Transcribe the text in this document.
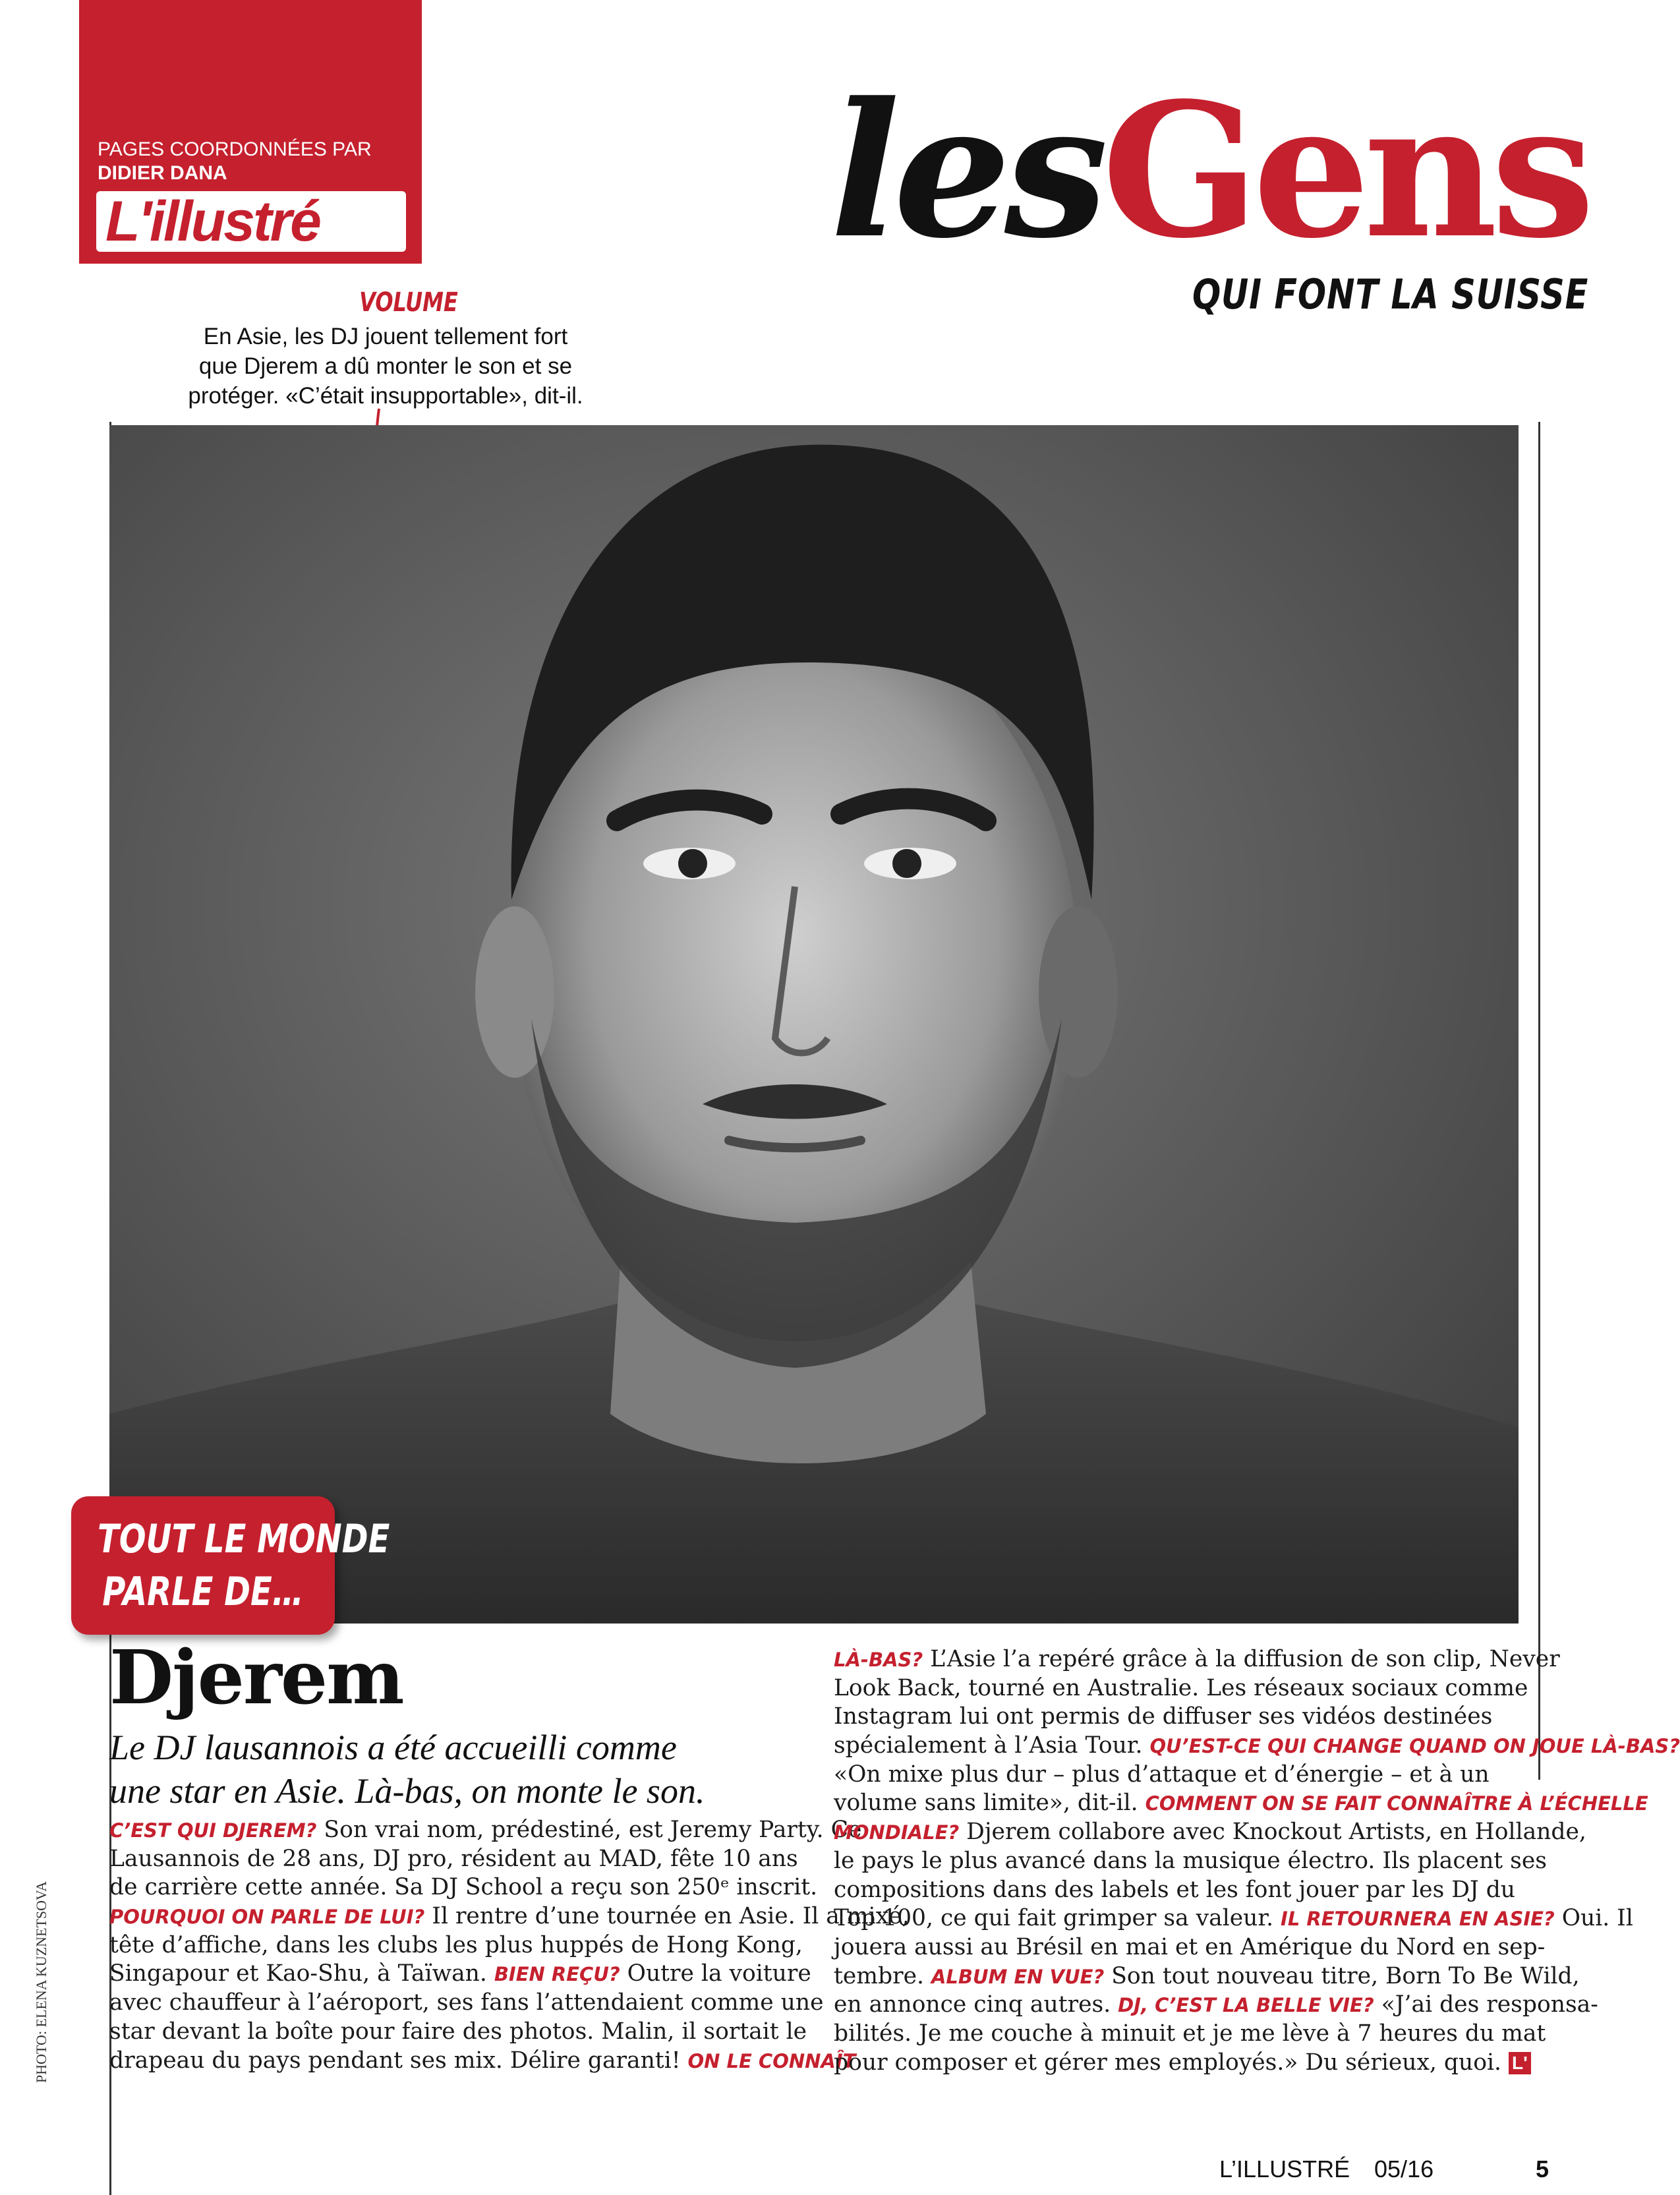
PAGES COORDONNÉES PAR
DIDIER DANA
L'illustré	lesGens
QUI FONT LA SUISSE
VOLUME
En Asie, les DJ jouent tellement fort
que Djerem a dû monter le son et se
protéger. «C’était insupportable», dit-il.
TOUT LE MONDE
PARLE DE…
Djerem
Le DJ lausannois a été accueilli comme
une star en Asie. Là-bas, on monte le son.
C’EST QUI DJEREM? Son vrai nom, prédestiné, est Jeremy Party. Ce
Lausannois de 28 ans, DJ pro, résident au MAD, fête 10 ans
de carrière cette année. Sa DJ School a reçu son 250ᵉ inscrit.
POURQUOI ON PARLE DE LUI? Il rentre d’une tournée en Asie. Il a mixé,
tête d’affiche, dans les clubs les plus huppés de Hong Kong,
Singapour et Kao-Shu, à Taïwan. BIEN REÇU? Outre la voiture
avec chauffeur à l’aéroport, ses fans l’attendaient comme une
star devant la boîte pour faire des photos. Malin, il sortait le
drapeau du pays pendant ses mix. Délire garanti! ON LE CONNAÎT
LÀ-BAS? L’Asie l’a repéré grâce à la diffusion de son clip, Never
Look Back, tourné en Australie. Les réseaux sociaux comme
Instagram lui ont permis de diffuser ses vidéos destinées
spécialement à l’Asia Tour. QU’EST-CE QUI CHANGE QUAND ON JOUE LÀ-BAS?
«On mixe plus dur – plus d’attaque et d’énergie – et à un
volume sans limite», dit-il. COMMENT ON SE FAIT CONNAÎTRE À L’ÉCHELLE
MONDIALE? Djerem collabore avec Knockout Artists, en Hollande,
le pays le plus avancé dans la musique électro. Ils placent ses
compositions dans des labels et les font jouer par les DJ du
Top 100, ce qui fait grimper sa valeur. IL RETOURNERA EN ASIE? Oui. Il
jouera aussi au Brésil en mai et en Amérique du Nord en sep-
tembre. ALBUM EN VUE? Son tout nouveau titre, Born To Be Wild,
en annonce cinq autres. DJ, C’EST LA BELLE VIE? «J’ai des responsa-
bilités. Je me couche à minuit et je me lève à 7 heures du mat
pour composer et gérer mes employés.» Du sérieux, quoi. L'
PHOTO: ELENA KUZNETSOVA
L’ILLUSTRÉ 05/16	5
